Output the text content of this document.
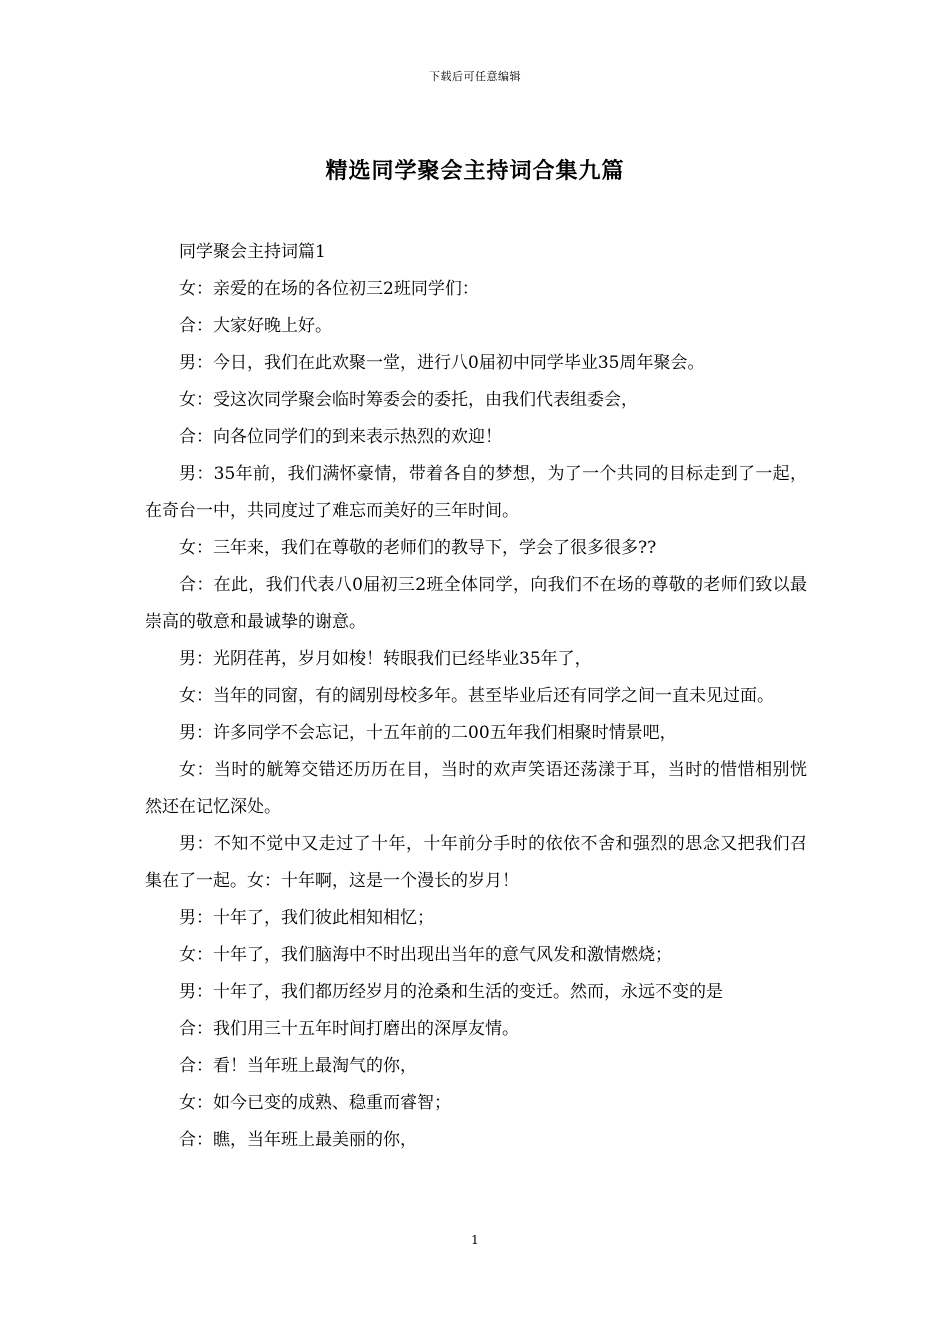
下载后可任意编辑
精选同学聚会主持词合集九篇

同学聚会主持词篇1

女：亲爱的在场的各位初三2班同学们：

合：大家好晚上好。

男：今日，我们在此欢聚一堂，进行八0届初中同学毕业35周年聚会。

女：受这次同学聚会临时筹委会的委托，由我们代表组委会，

合：向各位同学们的到来表示热烈的欢迎！

男：35年前，我们满怀豪情，带着各自的梦想，为了一个共同的目标走到了一起，在奇台一中，共同度过了难忘而美好的三年时间。

女：三年来，我们在尊敬的老师们的教导下，学会了很多很多??

合：在此，我们代表八0届初三2班全体同学，向我们不在场的尊敬的老师们致以最崇高的敬意和最诚挚的谢意。

男：光阴荏苒，岁月如梭！转眼我们已经毕业35年了，

女：当年的同窗，有的阔别母校多年。甚至毕业后还有同学之间一直未见过面。

男：许多同学不会忘记，十五年前的二00五年我们相聚时情景吧，

女：当时的觥筹交错还历历在目，当时的欢声笑语还荡漾于耳，当时的惜惜相别恍然还在记忆深处。

男：不知不觉中又走过了十年，十年前分手时的依依不舍和强烈的思念又把我们召集在了一起。女：十年啊，这是一个漫长的岁月！

男：十年了，我们彼此相知相忆；

女：十年了，我们脑海中不时出现出当年的意气风发和激情燃烧；

男：十年了，我们都历经岁月的沧桑和生活的变迁。然而，永远不变的是

合：我们用三十五年时间打磨出的深厚友情。

合：看！当年班上最淘气的你，

女：如今已变的成熟、稳重而睿智；

合：瞧，当年班上最美丽的你，

1
